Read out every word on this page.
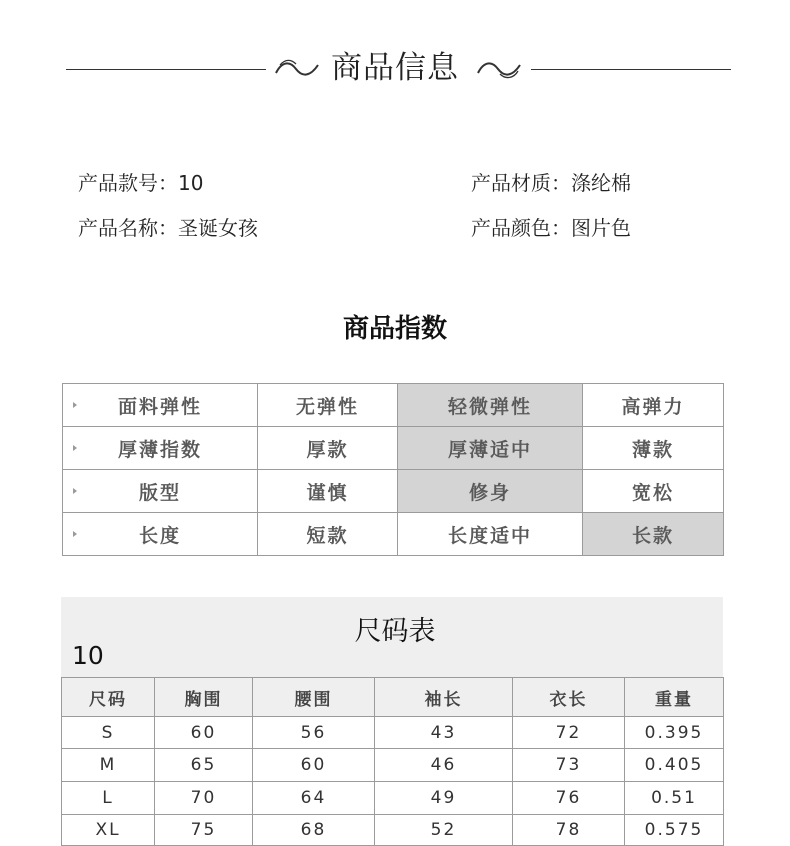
商品信息
产品款号：10	产品材质：涤纶棉
产品名称：圣诞女孩	产品颜色：图片色
商品指数
面料弹性	无弹性	轻微弹性	高弹力
厚薄指数	厚款	厚薄适中	薄款
版型	谨慎	修身	宽松
长度	短款	长度适中	长款
尺码表
10
尺码	胸围	腰围	袖长	衣长	重量
S	60	56	43	72	0.395
M	65	60	46	73	0.405
L	70	64	49	76	0.51
XL	75	68	52	78	0.575
